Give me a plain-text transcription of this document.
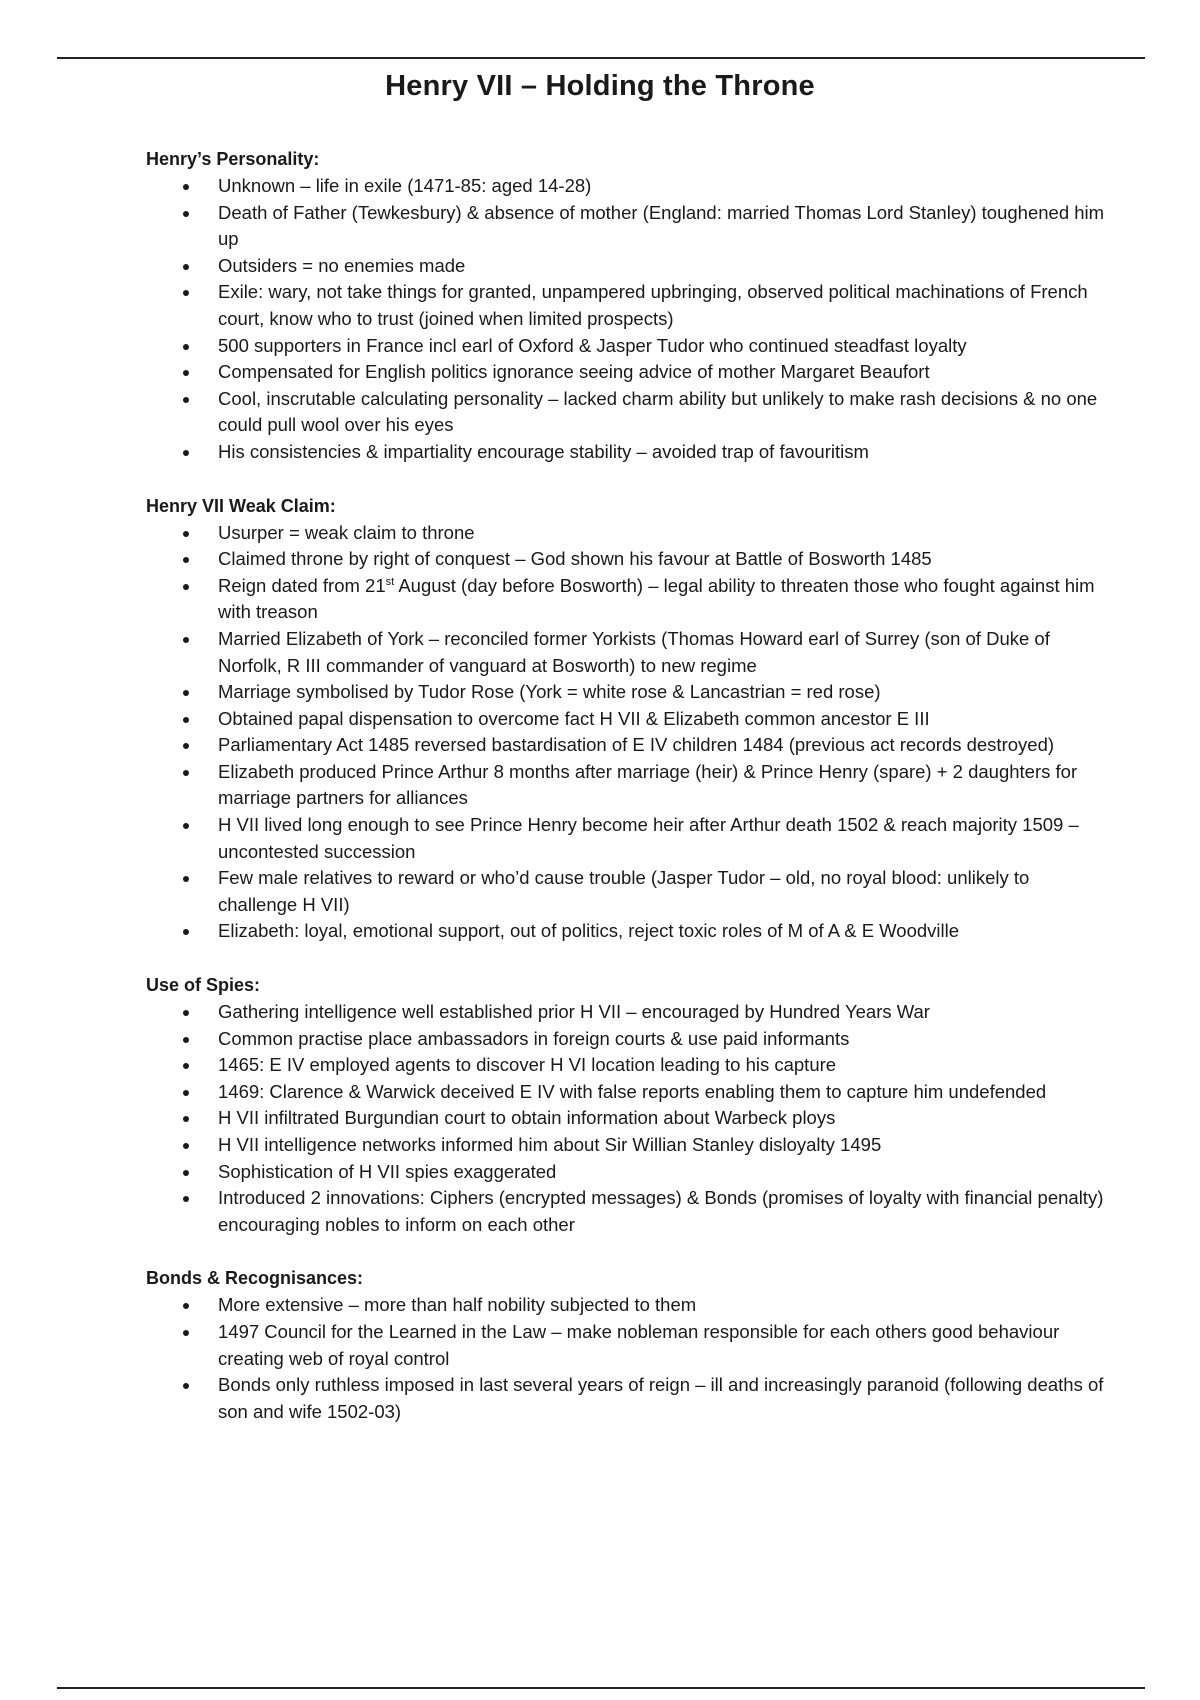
Henry VII – Holding the Throne
Henry’s Personality:
Unknown – life in exile (1471-85: aged 14-28)
Death of Father (Tewkesbury) & absence of mother (England: married Thomas Lord Stanley) toughened him up
Outsiders = no enemies made
Exile: wary, not take things for granted, unpampered upbringing, observed political machinations of French court, know who to trust (joined when limited prospects)
500 supporters in France incl earl of Oxford & Jasper Tudor who continued steadfast loyalty
Compensated for English politics ignorance seeing advice of mother Margaret Beaufort
Cool, inscrutable calculating personality – lacked charm ability but unlikely to make rash decisions & no one could pull wool over his eyes
His consistencies & impartiality encourage stability – avoided trap of favouritism
Henry VII Weak Claim:
Usurper = weak claim to throne
Claimed throne by right of conquest – God shown his favour at Battle of Bosworth 1485
Reign dated from 21st August (day before Bosworth) – legal ability to threaten those who fought against him with treason
Married Elizabeth of York – reconciled former Yorkists (Thomas Howard earl of Surrey (son of Duke of Norfolk, R III commander of vanguard at Bosworth) to new regime
Marriage symbolised by Tudor Rose (York = white rose & Lancastrian = red rose)
Obtained papal dispensation to overcome fact H VII & Elizabeth common ancestor E III
Parliamentary Act 1485 reversed bastardisation of E IV children 1484 (previous act records destroyed)
Elizabeth produced Prince Arthur 8 months after marriage (heir) & Prince Henry (spare) + 2 daughters for marriage partners for alliances
H VII lived long enough to see Prince Henry become heir after Arthur death 1502 & reach majority 1509 – uncontested succession
Few male relatives to reward or who’d cause trouble (Jasper Tudor – old, no royal blood: unlikely to challenge H VII)
Elizabeth: loyal, emotional support, out of politics, reject toxic roles of M of A & E Woodville
Use of Spies:
Gathering intelligence well established prior H VII – encouraged by Hundred Years War
Common practise place ambassadors in foreign courts & use paid informants
1465: E IV employed agents to discover H VI location leading to his capture
1469: Clarence & Warwick deceived E IV with false reports enabling them to capture him undefended
H VII infiltrated Burgundian court to obtain information about Warbeck ploys
H VII intelligence networks informed him about Sir Willian Stanley disloyalty 1495
Sophistication of H VII spies exaggerated
Introduced 2 innovations: Ciphers (encrypted messages) & Bonds (promises of loyalty with financial penalty) encouraging nobles to inform on each other
Bonds & Recognisances:
More extensive – more than half nobility subjected to them
1497 Council for the Learned in the Law – make nobleman responsible for each others good behaviour creating web of royal control
Bonds only ruthless imposed in last several years of reign – ill and increasingly paranoid (following deaths of son and wife 1502-03)
